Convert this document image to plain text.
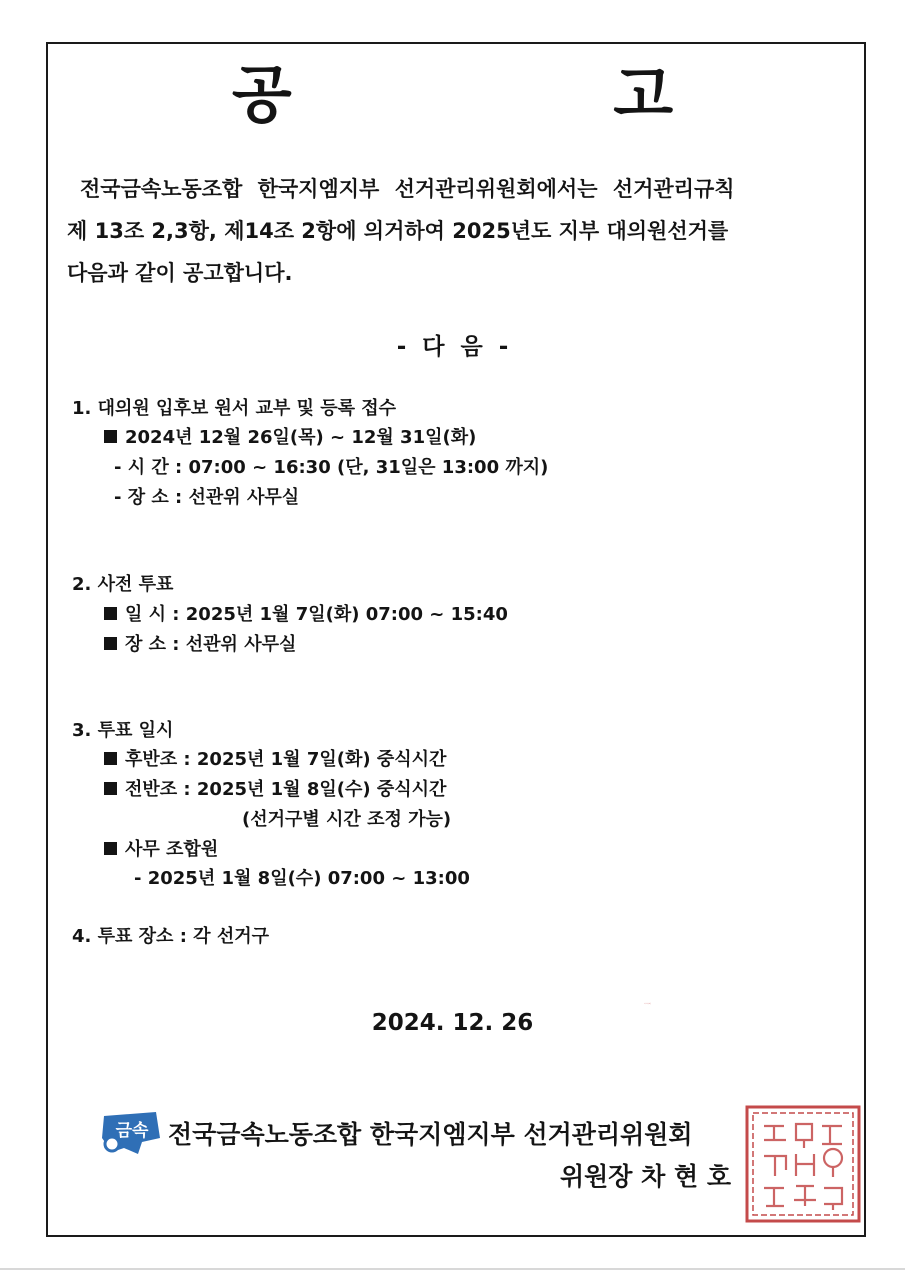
공 고
전국금속노동조합 한국지엠지부 선거관리위원회에서는 선거관리규칙
제 13조 2,3항, 제14조 2항에 의거하여 2025년도 지부 대의원선거를
다음과 같이 공고합니다.
- 다 음 -
1. 대의원 입후보 원서 교부 및 등록 접수
2024년 12월 26일(목) ~ 12월 31일(화)
- 시 간 : 07:00 ~ 16:30 (단, 31일은 13:00 까지)
- 장 소 : 선관위 사무실
2. 사전 투표
일 시 : 2025년 1월 7일(화) 07:00 ~ 15:40
장 소 : 선관위 사무실
3. 투표 일시
후반조 : 2025년 1월 7일(화) 중식시간
전반조 : 2025년 1월 8일(수) 중식시간
(선거구별 시간 조정 가능)
사무 조합원
- 2025년 1월 8일(수) 07:00 ~ 13:00
4. 투표 장소 : 각 선거구
2024. 12. 26
금속 전국금속노동조합 한국지엠지부 선거관리위원회
위원장 차 현 호
선거관리위원회
